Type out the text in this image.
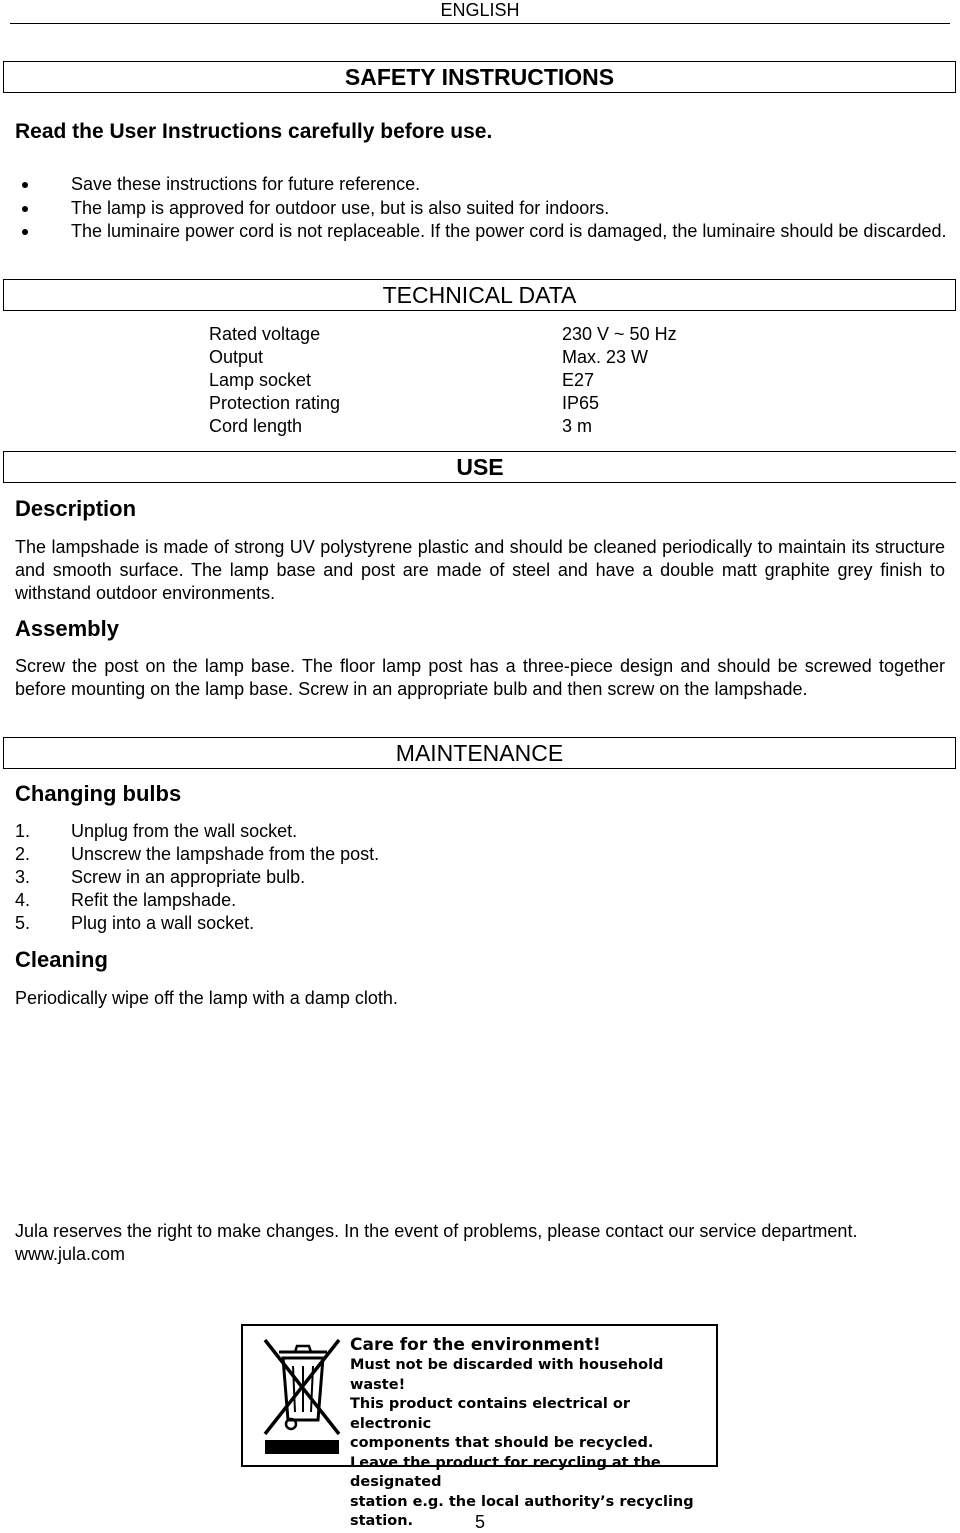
ENGLISH
SAFETY INSTRUCTIONS
Read the User Instructions carefully before use.
Save these instructions for future reference.
The lamp is approved for outdoor use, but is also suited for indoors.
The luminaire power cord is not replaceable. If the power cord is damaged, the luminaire should be discarded.
TECHNICAL DATA
Rated voltage	230 V ~ 50 Hz
Output	Max. 23 W
Lamp socket	E27
Protection rating	IP65
Cord length	3 m
USE
Description
The lampshade is made of strong UV polystyrene plastic and should be cleaned periodically to maintain its structure and smooth surface. The lamp base and post are made of steel and have a double matt graphite grey finish to withstand outdoor environments.
Assembly
Screw the post on the lamp base. The floor lamp post has a three-piece design and should be screwed together before mounting on the lamp base. Screw in an appropriate bulb and then screw on the lampshade.
MAINTENANCE
Changing bulbs
1.	Unplug from the wall socket.
2.	Unscrew the lampshade from the post.
3.	Screw in an appropriate bulb.
4.	Refit the lampshade.
5.	Plug into a wall socket.
Cleaning
Periodically wipe off the lamp with a damp cloth.
Jula reserves the right to make changes. In the event of problems, please contact our service department.
www.jula.com
Care for the environment!
Must not be discarded with household waste!
This product contains electrical or electronic
components that should be recycled.
Leave the product for recycling at the designated
station e.g. the local authority’s recycling station.	5
